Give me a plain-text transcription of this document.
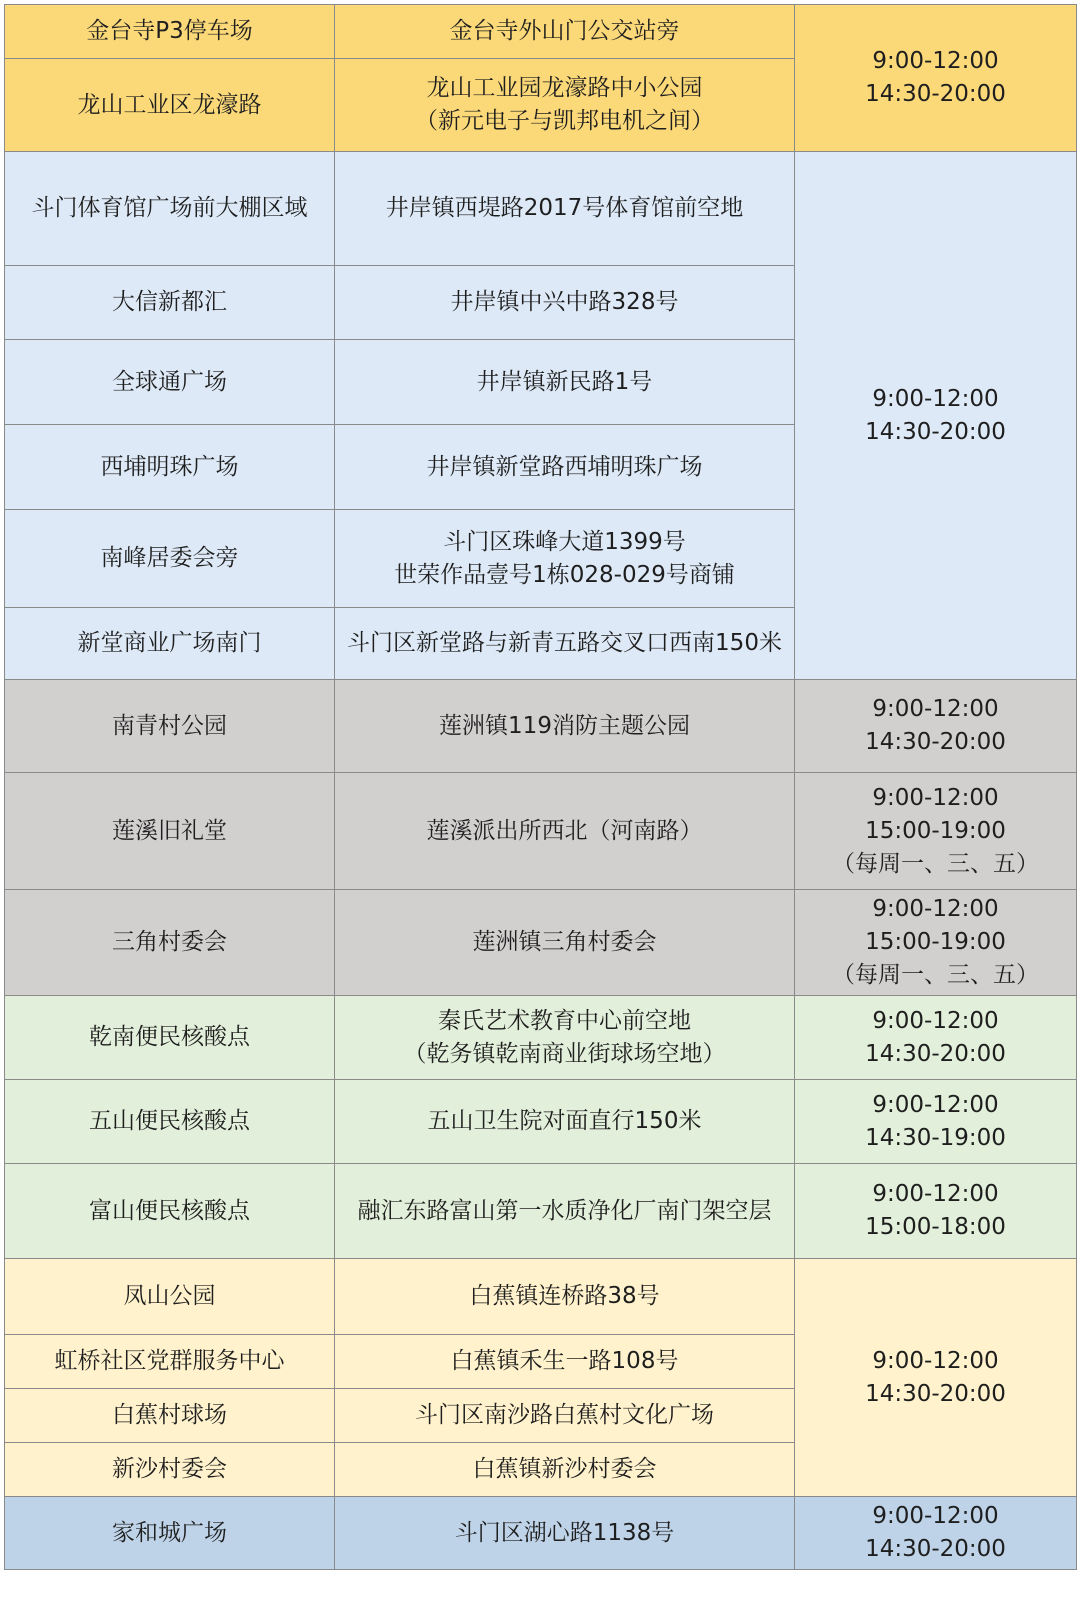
金台寺P3停车场	金台寺外山门公交站旁	9:00-12:00
14:30-20:00

龙山工业区龙濠路	龙山工业园龙濠路中小公园
（新元电子与凯邦电机之间）	

斗门体育馆广场前大棚区域	井岸镇西堤路2017号体育馆前空地	9:00-12:00
14:30-20:00

大信新都汇	井岸镇中兴中路328号	

全球通广场	井岸镇新民路1号	

西埔明珠广场	井岸镇新堂路西埔明珠广场	

南峰居委会旁	斗门区珠峰大道1399号
世荣作品壹号1栋028-029号商铺	

新堂商业广场南门	斗门区新堂路与新青五路交叉口西南150米	

南青村公园	莲洲镇119消防主题公园	9:00-12:00
14:30-20:00

莲溪旧礼堂	莲溪派出所西北（河南路）	9:00-12:00
15:00-19:00
（每周一、三、五）

三角村委会	莲洲镇三角村委会	9:00-12:00
15:00-19:00
（每周一、三、五）

乾南便民核酸点	秦氏艺术教育中心前空地
（乾务镇乾南商业街球场空地）	9:00-12:00
14:30-20:00

五山便民核酸点	五山卫生院对面直行150米	9:00-12:00
14:30-19:00

富山便民核酸点	融汇东路富山第一水质净化厂南门架空层	9:00-12:00
15:00-18:00

凤山公园	白蕉镇连桥路38号	9:00-12:00
14:30-20:00

虹桥社区党群服务中心	白蕉镇禾生一路108号	

白蕉村球场	斗门区南沙路白蕉村文化广场	

新沙村委会	白蕉镇新沙村委会	

家和城广场	斗门区湖心路1138号	9:00-12:00
14:30-20:00
